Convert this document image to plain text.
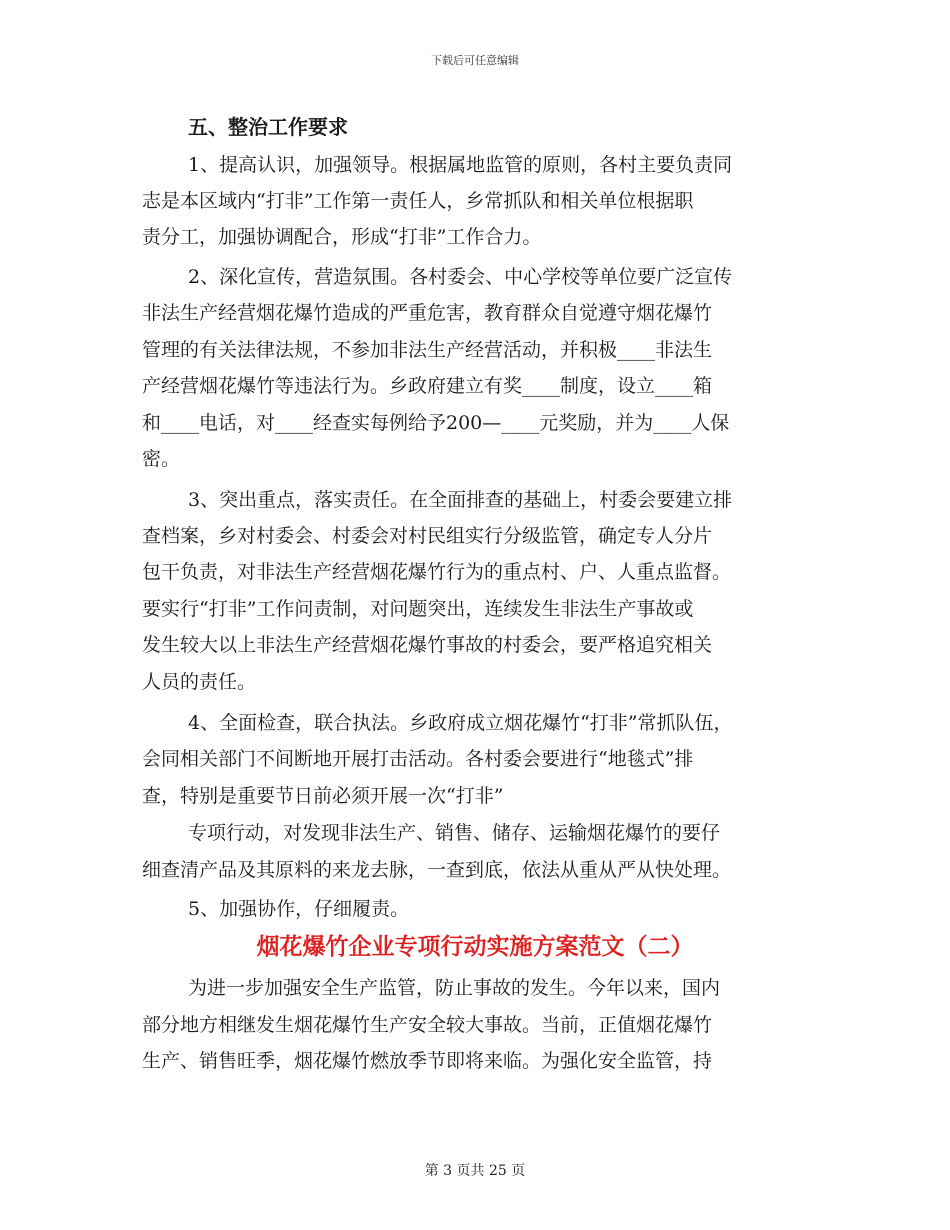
下载后可任意编辑
五、整治工作要求
1、提高认识，加强领导。根据属地监管的原则，各村主要负责同
志是本区域内“打非”工作第一责任人，乡常抓队和相关单位根据职
责分工，加强协调配合，形成“打非”工作合力。
2、深化宣传，营造氛围。各村委会、中心学校等单位要广泛宣传
非法生产经营烟花爆竹造成的严重危害，教育群众自觉遵守烟花爆竹
管理的有关法律法规，不参加非法生产经营活动，并积极____非法生
产经营烟花爆竹等违法行为。乡政府建立有奖____制度，设立____箱
和____电话，对____经查实每例给予200—____元奖励，并为____人保
密。
3、突出重点，落实责任。在全面排查的基础上，村委会要建立排
查档案，乡对村委会、村委会对村民组实行分级监管，确定专人分片
包干负责，对非法生产经营烟花爆竹行为的重点村、户、人重点监督。
要实行“打非”工作问责制，对问题突出，连续发生非法生产事故或
发生较大以上非法生产经营烟花爆竹事故的村委会，要严格追究相关
人员的责任。
4、全面检查，联合执法。乡政府成立烟花爆竹“打非”常抓队伍，
会同相关部门不间断地开展打击活动。各村委会要进行“地毯式”排
查，特别是重要节日前必须开展一次“打非”
专项行动，对发现非法生产、销售、储存、运输烟花爆竹的要仔
细查清产品及其原料的来龙去脉，一查到底，依法从重从严从快处理。
5、加强协作，仔细履责。
烟花爆竹企业专项行动实施方案范文（二）
为进一步加强安全生产监管，防止事故的发生。今年以来，国内
部分地方相继发生烟花爆竹生产安全较大事故。当前，正值烟花爆竹
生产、销售旺季，烟花爆竹燃放季节即将来临。为强化安全监管，持
第 3 页共 25 页
